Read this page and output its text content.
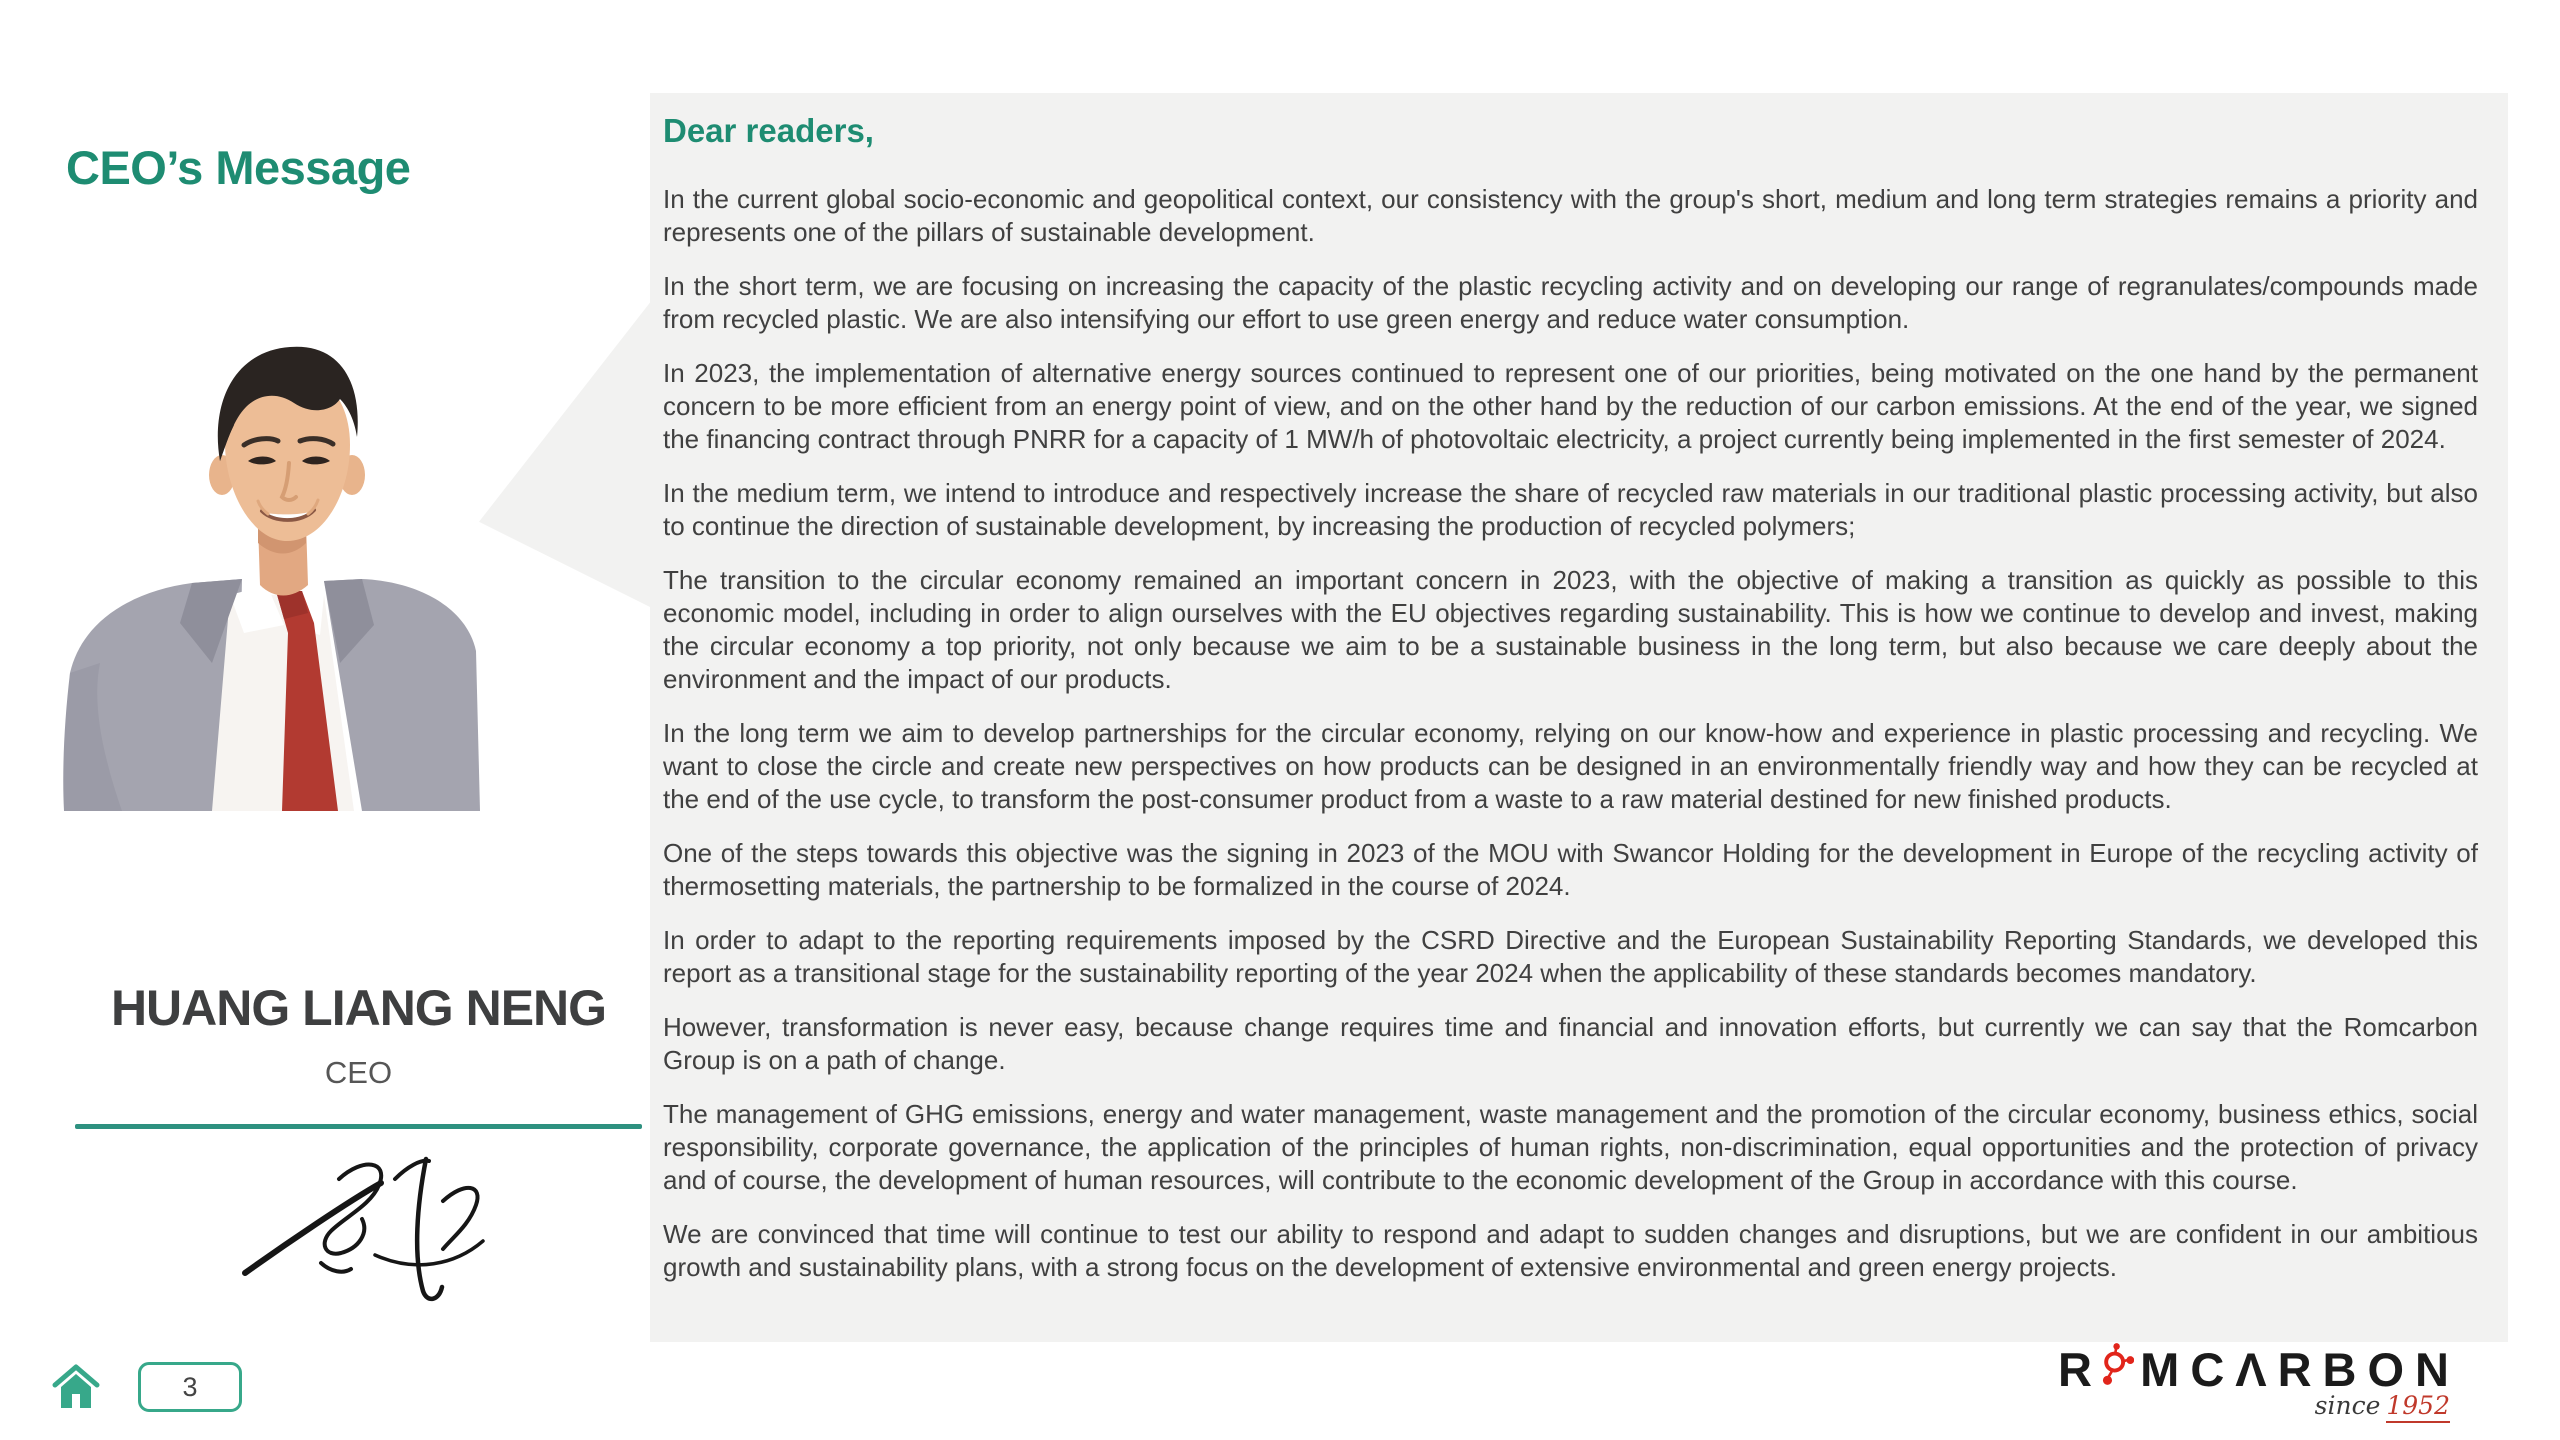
CEO’s Message
HUANG LIANG NENG
CEO
Dear readers,

In the current global socio-economic and geopolitical context, our consistency with the group's short, medium and long term strategies remains a priority and represents one of the pillars of sustainable development.

In the short term, we are focusing on increasing the capacity of the plastic recycling activity and on developing our range of regranulates/compounds made from recycled plastic. We are also intensifying our effort to use green energy and reduce water consumption.

In 2023, the implementation of alternative energy sources continued to represent one of our priorities, being motivated on the one hand by the permanent concern to be more efficient from an energy point of view, and on the other hand by the reduction of our carbon emissions. At the end of the year, we signed the financing contract through PNRR for a capacity of 1 MW/h of photovoltaic electricity, a project currently being implemented in the first semester of 2024.

In the medium term, we intend to introduce and respectively increase the share of recycled raw materials in our traditional plastic processing activity, but also to continue the direction of sustainable development, by increasing the production of recycled polymers;

The transition to the circular economy remained an important concern in 2023, with the objective of making a transition as quickly as possible to this economic model, including in order to align ourselves with the EU objectives regarding sustainability. This is how we continue to develop and invest, making the circular economy a top priority, not only because we aim to be a sustainable business in the long term, but also because we care deeply about the environment and the impact of our products.

In the long term we aim to develop partnerships for the circular economy, relying on our know-how and experience in plastic processing and recycling. We want to close the circle and create new perspectives on how products can be designed in an environmentally friendly way and how they can be recycled at the end of the use cycle, to transform the post-consumer product from a waste to a raw material destined for new finished products.

One of the steps towards this objective was the signing in 2023 of the MOU with Swancor Holding for the development in Europe of the recycling activity of thermosetting materials, the partnership to be formalized in the course of 2024.

In order to adapt to the reporting requirements imposed by the CSRD Directive and the European Sustainability Reporting Standards, we developed this report as a transitional stage for the sustainability reporting of the year 2024 when the applicability of these standards becomes mandatory.

However, transformation is never easy, because change requires time and financial and innovation efforts, but currently we can say that the Romcarbon Group is on a path of change.

The management of GHG emissions, energy and water management, waste management and the promotion of the circular economy, business ethics, social responsibility, corporate governance, the application of the principles of human rights, non-discrimination, equal opportunities and the protection of privacy and of course, the development of human resources, will contribute to the economic development of the Group in accordance with this course.

We are convinced that time will continue to test our ability to respond and adapt to sudden changes and disruptions, but we are confident in our ambitious growth and sustainability plans, with a strong focus on the development of extensive environmental and green energy projects.

3	R MCΛRBON
since 1952
